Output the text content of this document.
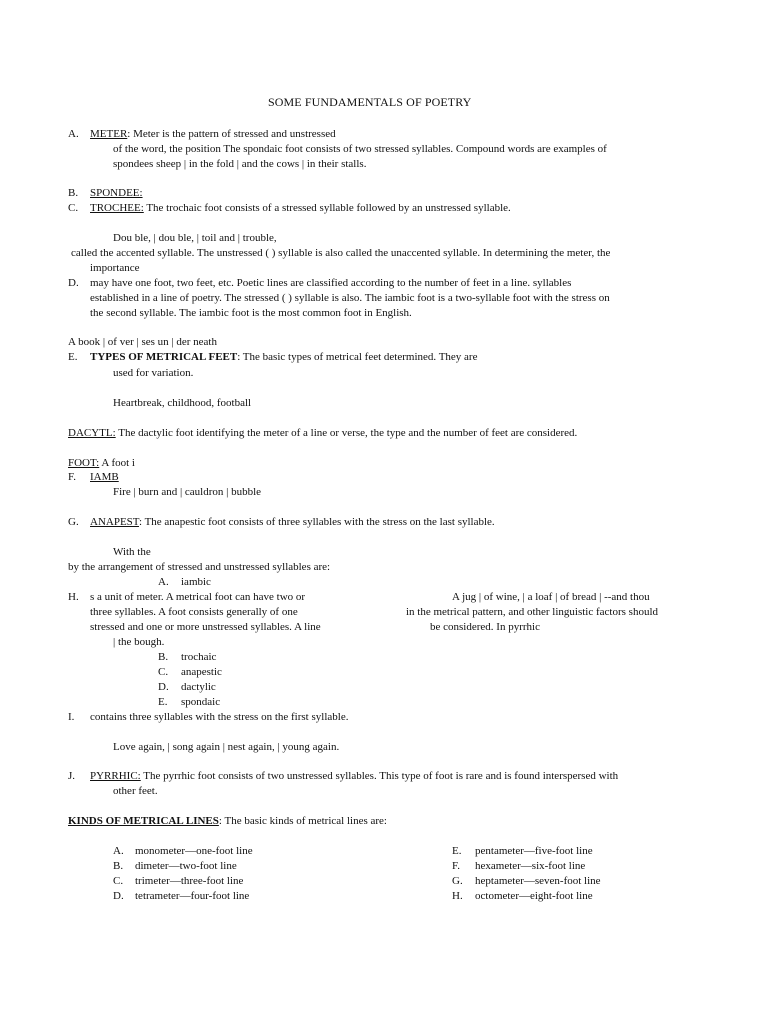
SOME FUNDAMENTALS OF POETRY
A. METER: Meter is the pattern of stressed and unstressed
of the word, the position The spondaic foot consists of two stressed syllables. Compound words are examples of
spondees sheep | in the fold | and the cows | in their stalls.
B. SPONDEE:
C. TROCHEE: The trochaic foot consists of a stressed syllable followed by an unstressed syllable.
Dou ble, | dou ble, | toil and | trouble,
called the accented syllable. The unstressed ( ) syllable is also called the unaccented syllable. In determining the meter, the
importance
D. may have one foot, two feet, etc. Poetic lines are classified according to the number of feet in a line. syllables
established in a line of poetry. The stressed ( ) syllable is also. The iambic foot is a two-syllable foot with the stress on
the second syllable. The iambic foot is the most common foot in English.
A book | of ver | ses un | der neath
E. TYPES OF METRICAL FEET: The basic types of metrical feet determined. They are
used for variation.
Heartbreak, childhood, football
DACYTL: The dactylic foot identifying the meter of a line or verse, the type and the number of feet are considered.
FOOT: A foot i
F. IAMB
Fire | burn and | cauldron | bubble
G. ANAPEST: The anapestic foot consists of three syllables with the stress on the last syllable.
With the
by the arrangement of stressed and unstressed syllables are:
A. iambic
H. s a unit of meter. A metrical foot can have two or
three syllables. A foot consists generally of one
stressed and one or more unstressed syllables. A line
| the bough.
A jug | of wine, | a loaf | of bread | --and thou
in the metrical pattern, and other linguistic factors should
be considered. In pyrrhic
B. trochaic
C. anapestic
D. dactylic
E. spondaic
I. contains three syllables with the stress on the first syllable.
Love again, | song again | nest again, | young again.
J. PYRRHIC: The pyrrhic foot consists of two unstressed syllables. This type of foot is rare and is found interspersed with
other feet.
KINDS OF METRICAL LINES: The basic kinds of metrical lines are:
A. monometer—one-foot line
B. dimeter—two-foot line
C. trimeter—three-foot line
D. tetrameter—four-foot line
E. pentameter—five-foot line
F. hexameter—six-foot line
G. heptameter—seven-foot line
H. octometer—eight-foot line
